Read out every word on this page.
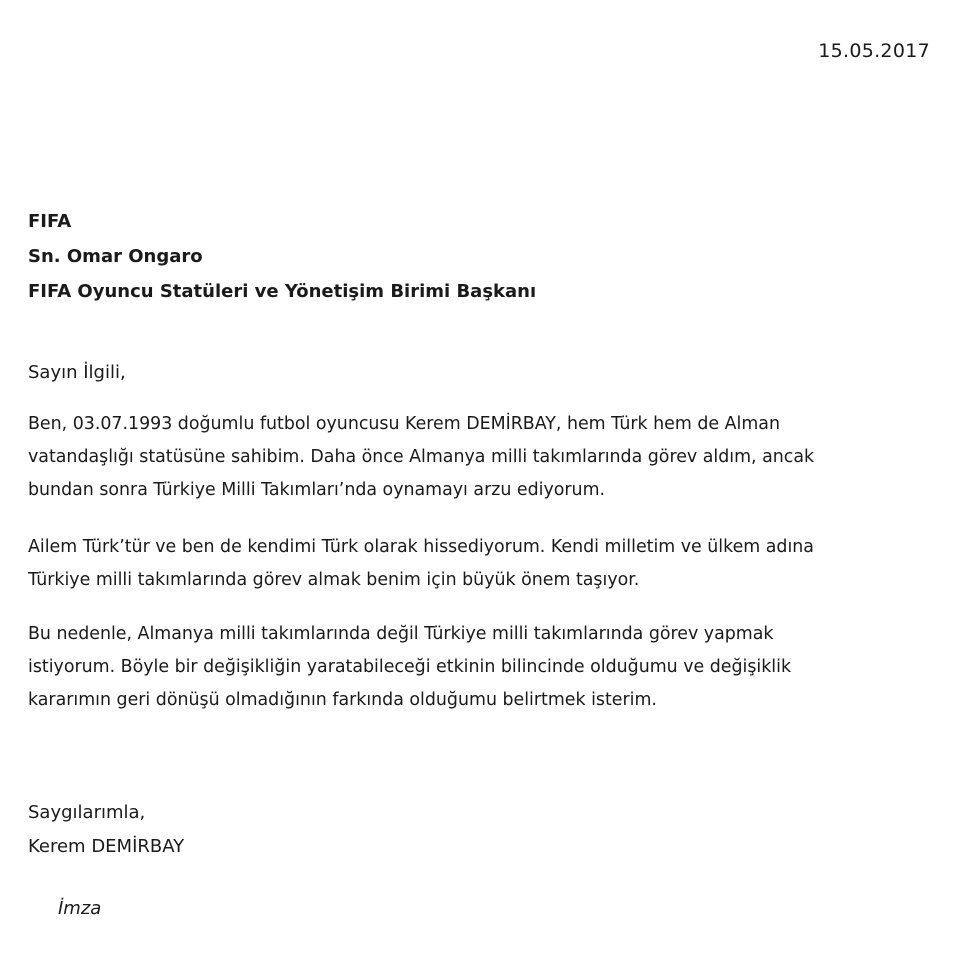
15.05.2017
FIFA
Sn. Omar Ongaro
FIFA Oyuncu Statüleri ve Yönetişim Birimi Başkanı
Sayın İlgili,
Ben, 03.07.1993 doğumlu futbol oyuncusu Kerem DEMİRBAY, hem Türk hem de Alman
vatandaşlığı statüsüne sahibim. Daha önce Almanya milli takımlarında görev aldım, ancak
bundan sonra Türkiye Milli Takımları’nda oynamayı arzu ediyorum.
Ailem Türk’tür ve ben de kendimi Türk olarak hissediyorum. Kendi milletim ve ülkem adına
Türkiye milli takımlarında görev almak benim için büyük önem taşıyor.
Bu nedenle, Almanya milli takımlarında değil Türkiye milli takımlarında görev yapmak
istiyorum. Böyle bir değişikliğin yaratabileceği etkinin bilincinde olduğumu ve değişiklik
kararımın geri dönüşü olmadığının farkında olduğumu belirtmek isterim.
Saygılarımla,
Kerem DEMİRBAY
İmza
